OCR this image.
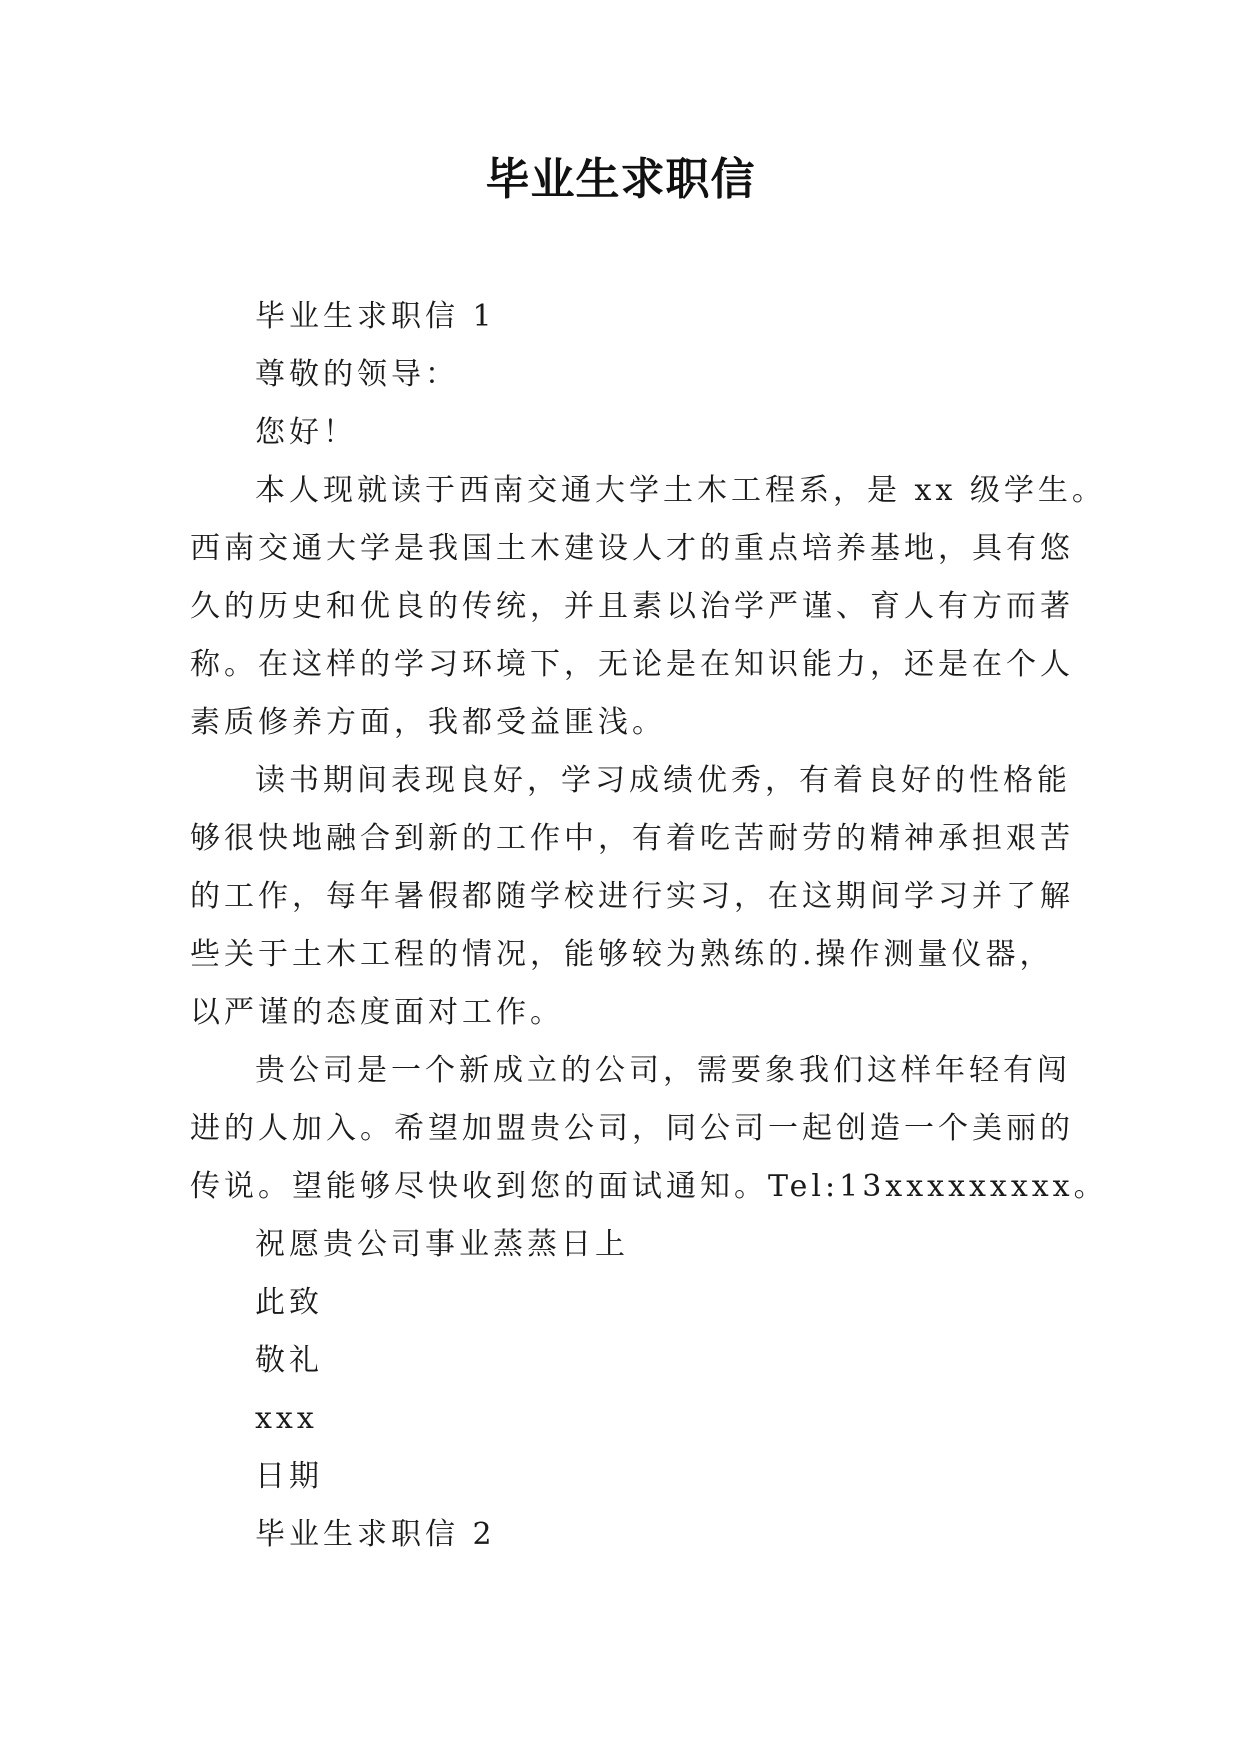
毕业生求职信
毕业生求职信 1
尊敬的领导：
您好！
本人现就读于西南交通大学土木工程系，是 xx 级学生。
西南交通大学是我国土木建设人才的重点培养基地，具有悠
久的历史和优良的传统，并且素以治学严谨、育人有方而著
称。在这样的学习环境下，无论是在知识能力，还是在个人
素质修养方面，我都受益匪浅。
读书期间表现良好，学习成绩优秀，有着良好的性格能
够很快地融合到新的工作中，有着吃苦耐劳的精神承担艰苦
的工作，每年暑假都随学校进行实习，在这期间学习并了解
些关于土木工程的情况，能够较为熟练的.操作测量仪器，
以严谨的态度面对工作。
贵公司是一个新成立的公司，需要象我们这样年轻有闯
进的人加入。希望加盟贵公司，同公司一起创造一个美丽的
传说。望能够尽快收到您的面试通知。Tel:13xxxxxxxxx。
祝愿贵公司事业蒸蒸日上
此致
敬礼
xxx
日期
毕业生求职信 2
